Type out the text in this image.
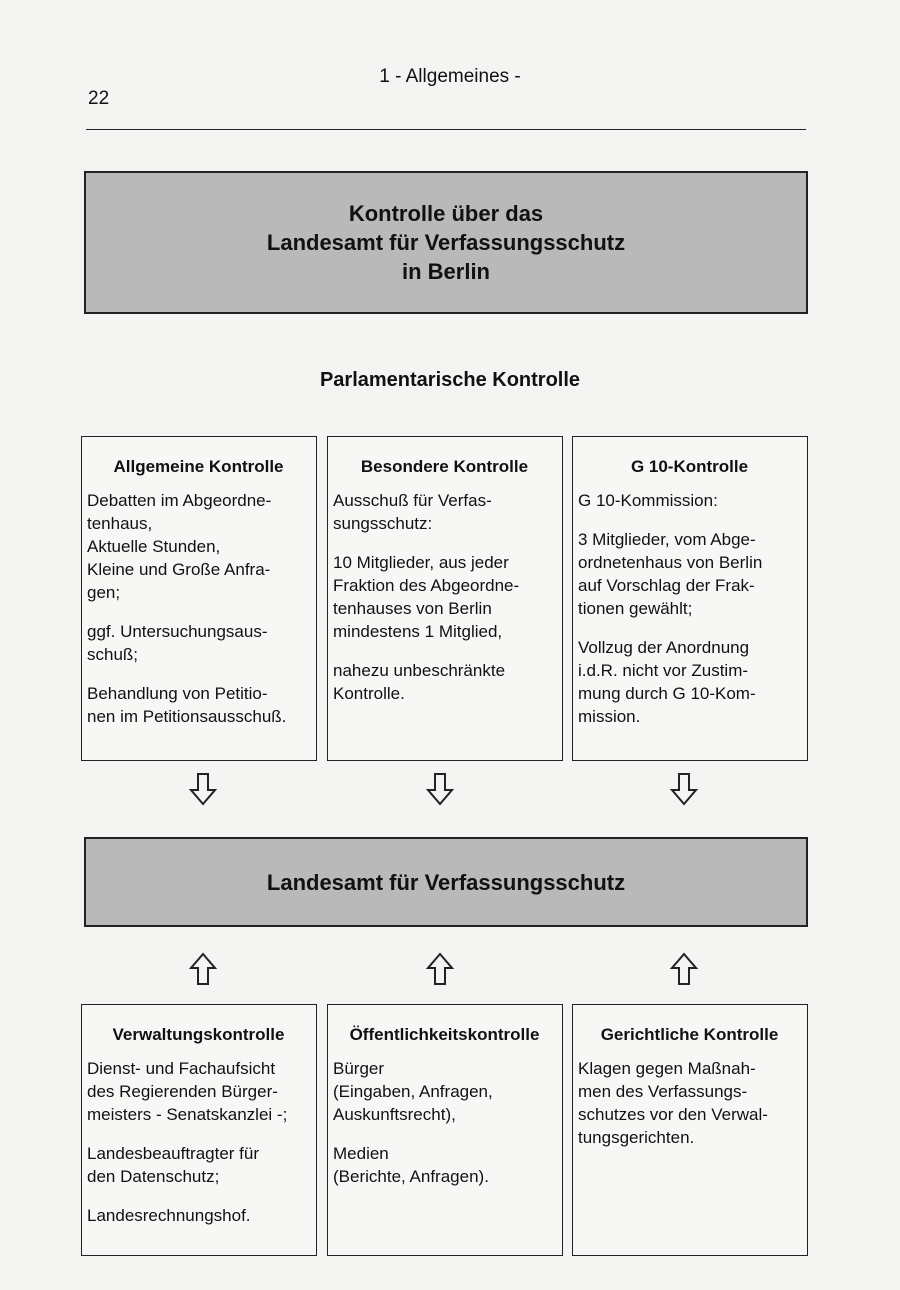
22
1 - Allgemeines -
Kontrolle über das
Landesamt für Verfassungsschutz
in Berlin
Parlamentarische Kontrolle
Allgemeine Kontrolle

Debatten im Abgeordne-
tenhaus,
Aktuelle Stunden,
Kleine und Große Anfra-
gen;

ggf. Untersuchungsaus-
schuß;

Behandlung von Petitio-
nen im Petitionsausschuß.

Besondere Kontrolle

Ausschuß für Verfas-
sungsschutz:

10 Mitglieder, aus jeder
Fraktion des Abgeordne-
tenhauses von Berlin
mindestens 1 Mitglied,

nahezu unbeschränkte
Kontrolle.

G 10-Kontrolle

G 10-Kommission:

3 Mitglieder, vom Abge-
ordnetenhaus von Berlin
auf Vorschlag der Frak-
tionen gewählt;

Vollzug der Anordnung
i.d.R. nicht vor Zustim-
mung durch G 10-Kom-
mission.

Landesamt für Verfassungsschutz
Verwaltungskontrolle

Dienst- und Fachaufsicht
des Regierenden Bürger-
meisters - Senatskanzlei -;

Landesbeauftragter für
den Datenschutz;

Landesrechnungshof.

Öffentlichkeitskontrolle

Bürger
(Eingaben, Anfragen,
Auskunftsrecht),

Medien
(Berichte, Anfragen).

Gerichtliche Kontrolle

Klagen gegen Maßnah-
men des Verfassungs-
schutzes vor den Verwal-
tungsgerichten.
